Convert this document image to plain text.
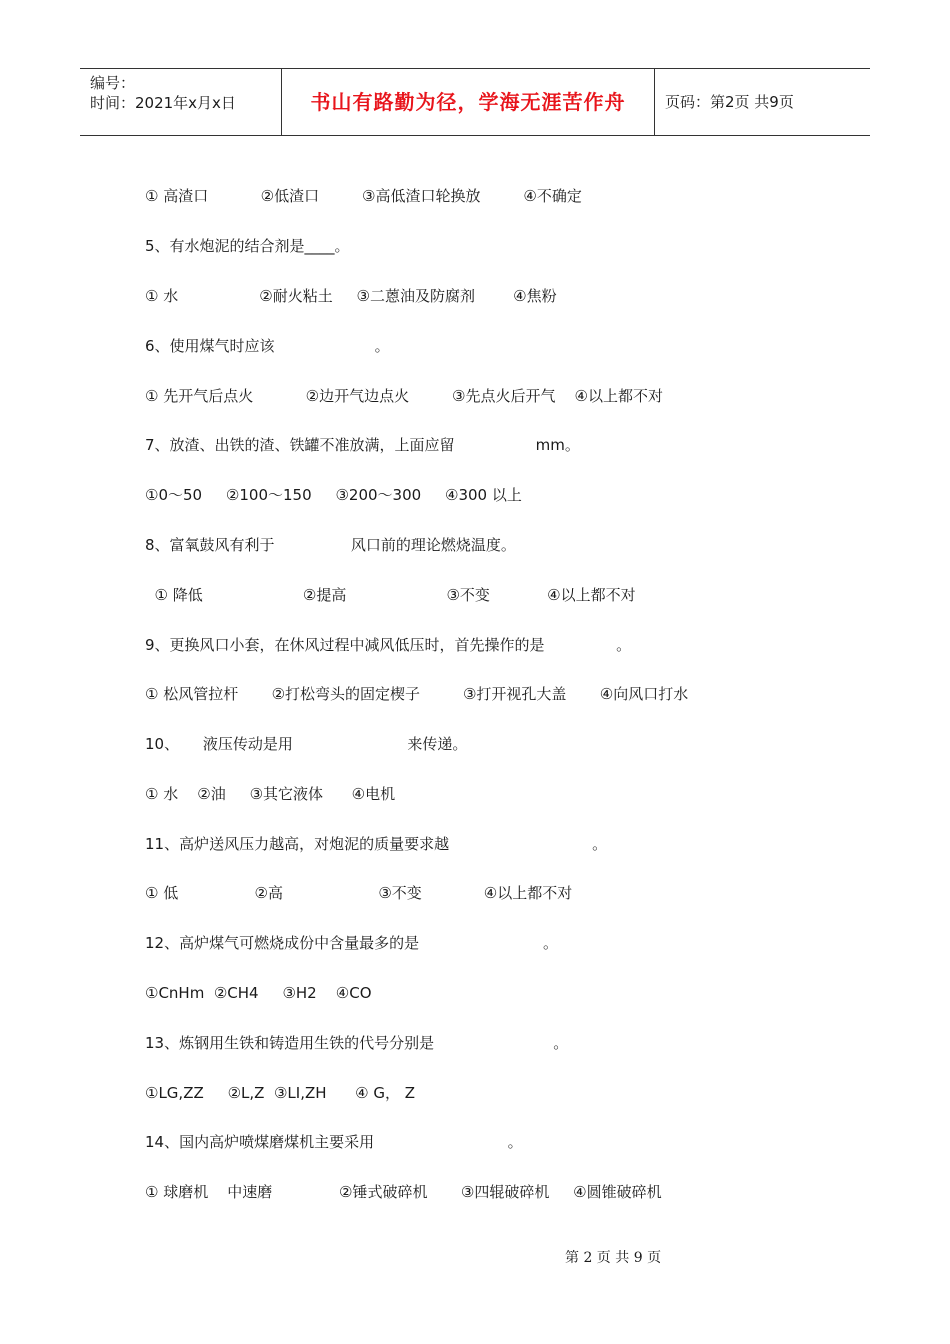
编号：
时间：2021年x月x日	书山有路勤为径，学海无涯苦作舟	页码：第2页 共9页
① 高渣口           ②低渣口         ③高低渣口轮换放         ④不确定
5、有水炮泥的结合剂是____。
① 水                 ②耐火粘土     ③二蒽油及防腐剂        ④焦粉
6、使用煤气时应该                     。
① 先开气后点火           ②边开气边点火         ③先点火后开气    ④以上都不对
7、放渣、出铁的渣、铁罐不准放满，上面应留                 mm。
①0～50     ②100～150     ③200～300     ④300 以上
8、富氧鼓风有利于                风口前的理论燃烧温度。
① 降低                     ②提高                     ③不变            ④以上都不对
9、更换风口小套，在休风过程中减风低压时，首先操作的是               。
① 松风管拉杆       ②打松弯头的固定楔子         ③打开视孔大盖       ④向风口打水
10、     液压传动是用                        来传递。
① 水    ②油     ③其它液体      ④电机
11、高炉送风压力越高，对炮泥的质量要求越                              。
① 低                ②高                    ③不变             ④以上都不对
12、高炉煤气可燃烧成份中含量最多的是                          。
①CnHm  ②CH4     ③H2    ④CO
13、炼钢用生铁和铸造用生铁的代号分别是                         。
①LG,ZZ     ②L,Z  ③LI,ZH      ④ G， Z
14、国内高炉喷煤磨煤机主要采用                            。
① 球磨机    中速磨              ②锤式破碎机       ③四辊破碎机     ④圆锥破碎机
第 2 页 共 9 页
